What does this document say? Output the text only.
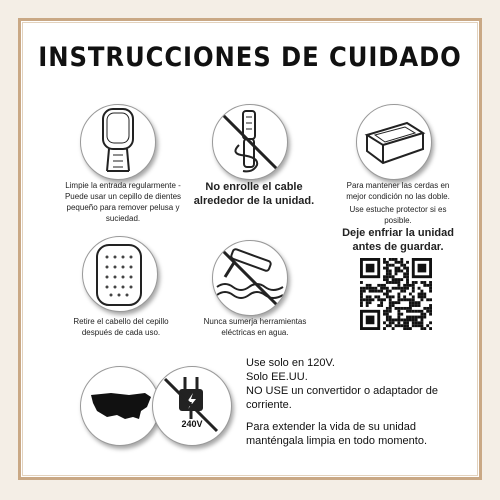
INSTRUCCIONES DE CUIDADO
Limpie la entrada regularmente - Puede usar un cepillo de dientes pequeño para remover pelusa y suciedad.
No enrolle el cable alrededor de la unidad.
Para mantener las cerdas en mejor condición no las doble.
Use estuche protector si es posible.
Deje enfriar la unidad antes de guardar.
Retire el cabello del cepillo después de cada uso.
Nunca sumerja herramientas eléctricas en agua.
240V
Use solo en 120V.
Solo EE.UU.
NO USE un convertidor o adaptador de corriente.
Para extender la vida de su unidad manténgala limpia en todo momento.
